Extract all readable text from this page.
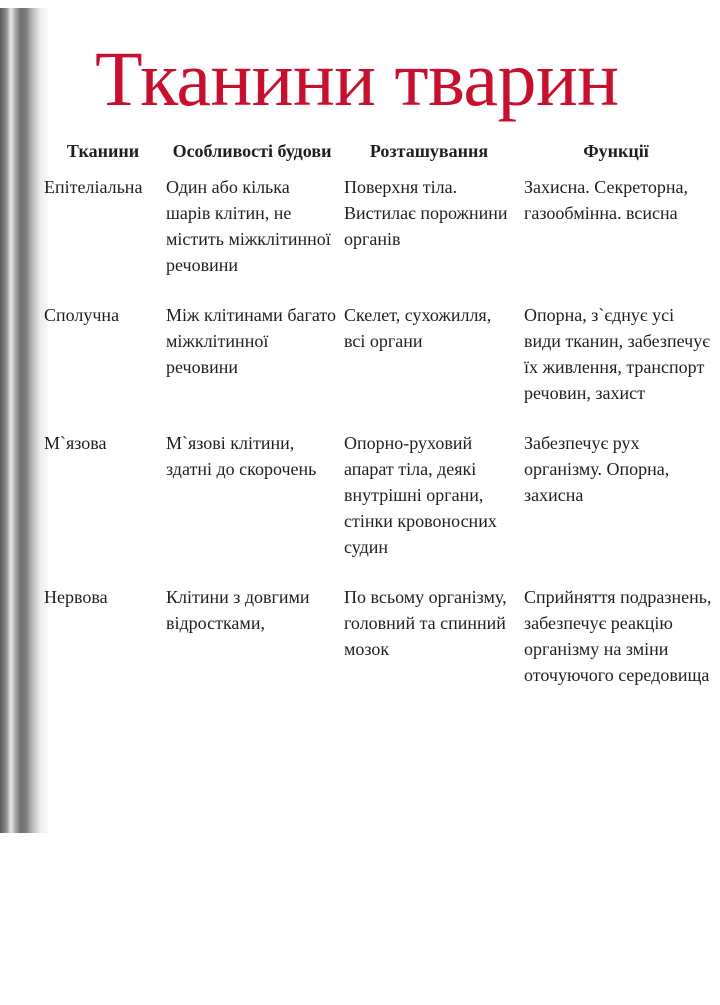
Тканини тварин
Тканини	Особливості будови	Розташування	Функції
Епітеліальна	Один або кілька шарів клітин, не містить міжклітинної речовини	Поверхня тіла. Вистилає порожнини органів	Захисна. Секреторна, газообмінна. всисна
Сполучна	Між клітинами багато міжклітинної речовини	Скелет, сухожилля, всі органи	Опорна, з`єднує усі види тканин, забезпечує їх живлення, транспорт речовин, захист
М`язова	М`язові клітини, здатні до скорочень	Опорно-руховий апарат тіла, деякі внутрішні органи, стінки кровоносних судин	Забезпечує рух організму. Опорна, захисна
Нервова	Клітини з довгими відростками,	По всьому організму, головний та спинний мозок	Сприйняття подразнень, забезпечує реакцію організму на зміни оточуючого середовища
